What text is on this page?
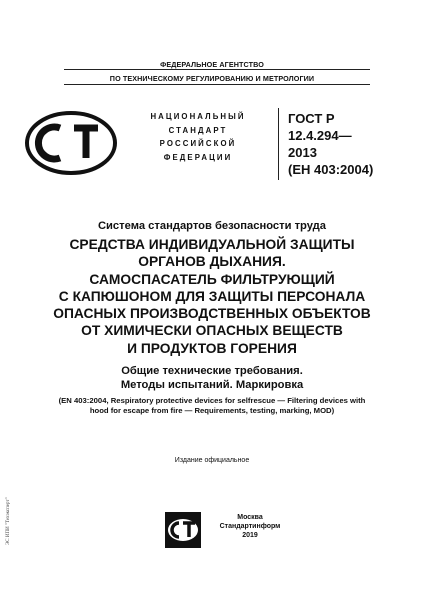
ФЕДЕРАЛЬНОЕ АГЕНТСТВО
ПО ТЕХНИЧЕСКОМУ РЕГУЛИРОВАНИЮ И МЕТРОЛОГИИ
НАЦИОНАЛЬНЫЙ
СТАНДАРТ
РОССИЙСКОЙ
ФЕДЕРАЦИИ
ГОСТ Р
12.4.294—
2013
(ЕН 403:2004)
Система стандартов безопасности труда
СРЕДСТВА ИНДИВИДУАЛЬНОЙ ЗАЩИТЫ
ОРГАНОВ ДЫХАНИЯ.
САМОСПАСАТЕЛЬ ФИЛЬТРУЮЩИЙ
С КАПЮШОНОМ ДЛЯ ЗАЩИТЫ ПЕРСОНАЛА
ОПАСНЫХ ПРОИЗВОДСТВЕННЫХ ОБЪЕКТОВ
ОТ ХИМИЧЕСКИ ОПАСНЫХ ВЕЩЕСТВ
И ПРОДУКТОВ ГОРЕНИЯ
Общие технические требования.
Методы испытаний. Маркировка
(EN 403:2004, Respiratory protective devices for selfrescue — Filtering devices with
hood for escape from fire — Requirements, testing, marking, MOD)
Издание официальное
Москва
Стандартинформ
2019
ЭС ИПИ "Техэксперт"
